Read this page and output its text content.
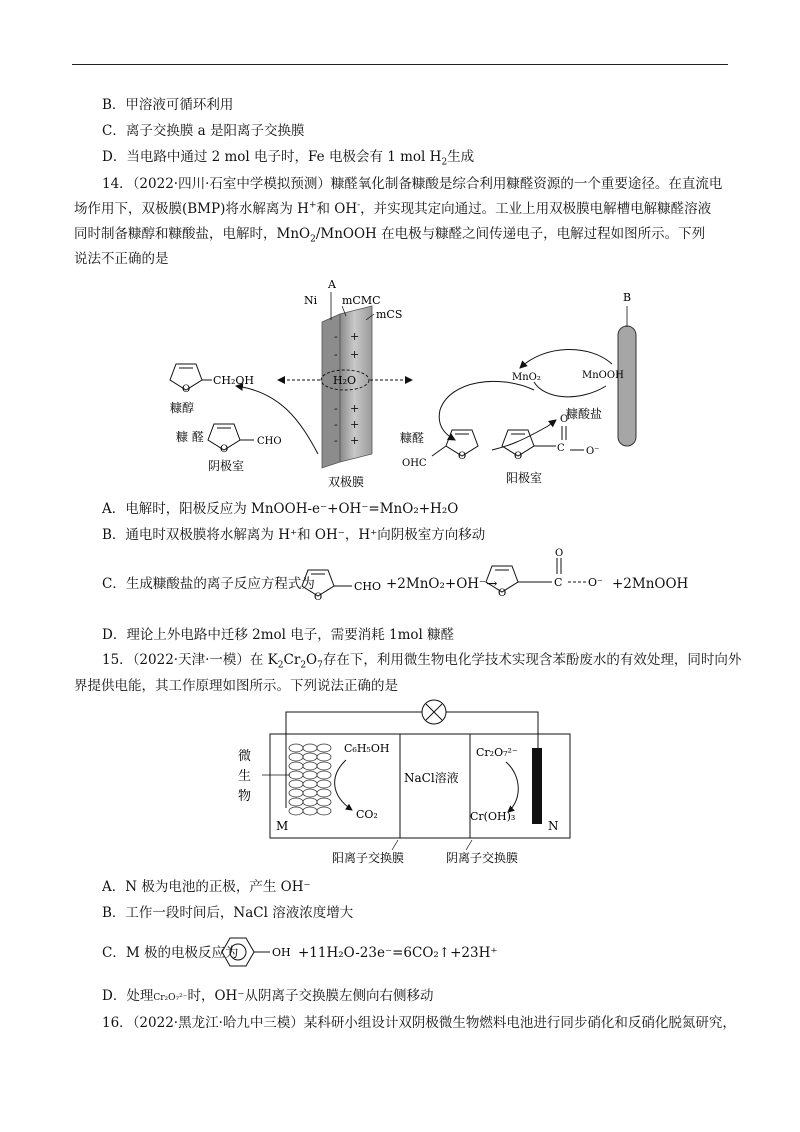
B．甲溶液可循环利用
C．离子交换膜 a 是阳离子交换膜
D．当电路中通过 2 mol 电子时，Fe 电极会有 1 mol $H_2$生成
14．（2022·四川·石室中学模拟预测）糠醛氧化制备糠酸是综合利用糠醛资源的一个重要途径。在直流电
场作用下，双极膜(BMP)将水解离为 H+和 OH-，并实现其定向通过。工业上用双极膜电解槽电解糠醛溶液
同时制备糠醇和糠酸盐，电解时，MnO$_2$/MnOOH 在电极与糠醛之间传递电子，电解过程如图所示。下列
说法不正确的是
A
Ni mCMC
mCS
- +
- +
- +
- +
- +
H₂O
双极膜
O
CH₂OH
糠醇
糠 醛
O
CHO
阴极室
B
MnOOH
MnO₂
糠酸盐
糠醛
O
OHC
O
O
C O⁻
阳极室
A．电解时，阳极反应为 MnOOH-e⁻+OH⁻=MnO₂+H₂O
B．通电时双极膜将水解离为 H⁺和 OH⁻，H⁺向阴极室方向移动
C．生成糠酸盐的离子反应方程式为
O
CHO +2MnO₂+OH⁻→
O
O
C O⁻ +2MnOOH
D．理论上外电路中迁移 2mol 电子，需要消耗 1mol 糠醛
15．（2022·天津·一模）在 $K_2Cr_2O_7$存在下，利用微生物电化学技术实现含苯酚废水的有效处理，同时向外
界提供电能，其工作原理如图所示。下列说法正确的是
微
生
物
C₆H₅OH
CO₂
M
NaCl溶液
N
Cr₂O₇²⁻
Cr(OH)₃
阳离子交换膜	阴离子交换膜
A．N 极为电池的正极，产生 OH⁻
B．工作一段时间后，NaCl 溶液浓度增大
C．M 极的电极反应为	OH +11H₂O-23e⁻=6CO₂↑+23H⁺
D．处理Cr₂O₇²⁻时，OH⁻从阴离子交换膜左侧向右侧移动
16．（2022·黑龙江·哈九中三模）某科研小组设计双阴极微生物燃料电池进行同步硝化和反硝化脱氮研究，
